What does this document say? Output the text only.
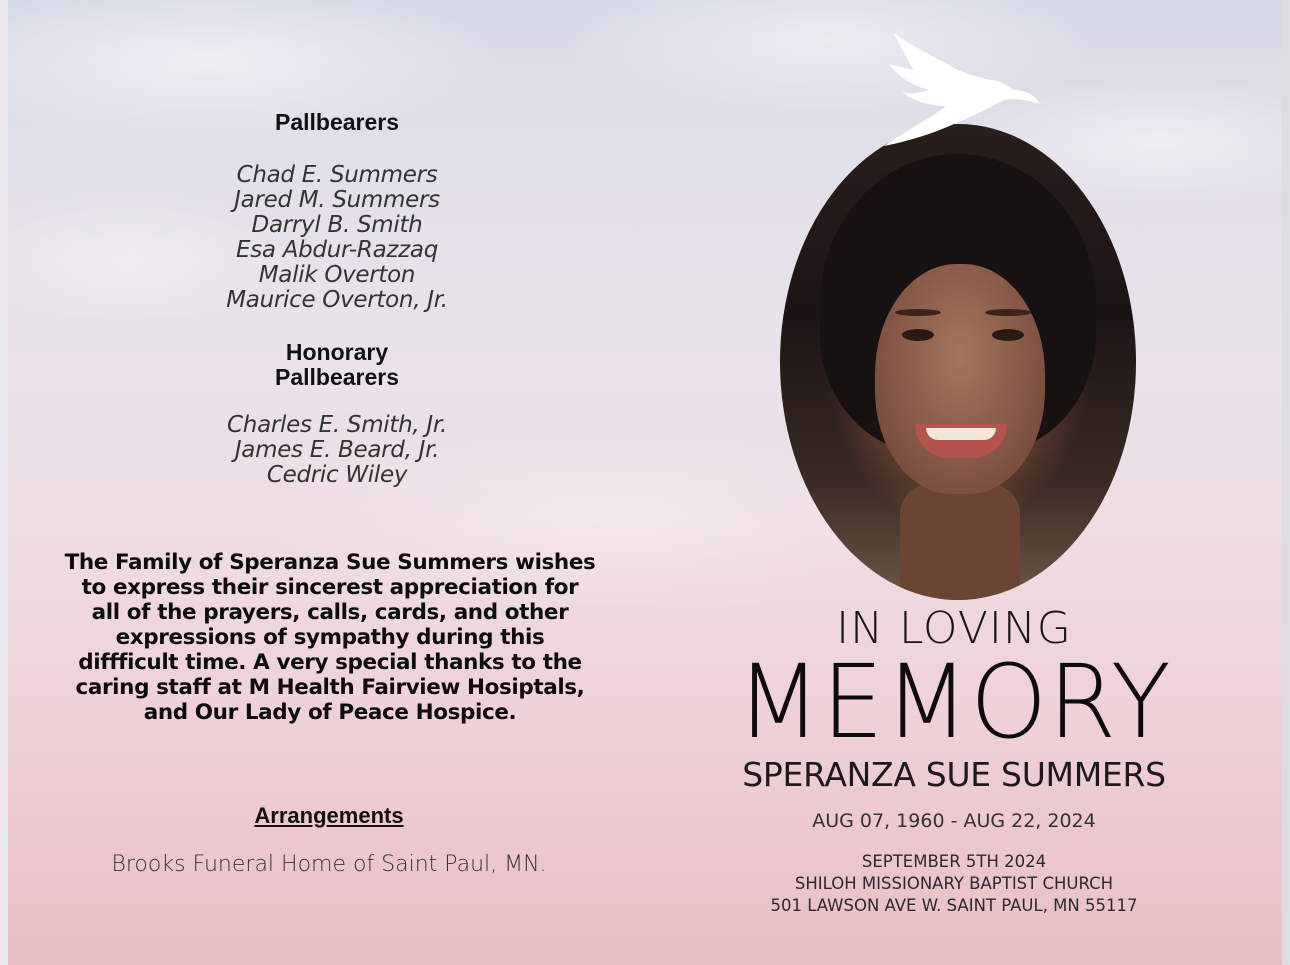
Pallbearers
Chad E. Summers
Jared M. Summers
Darryl B. Smith
Esa Abdur-Razzaq
Malik Overton
Maurice Overton, Jr.
Honorary
Pallbearers
Charles E. Smith, Jr.
James E. Beard, Jr.
Cedric Wiley
The Family of Speranza Sue Summers wishes
to express their sincerest appreciation for
all of the prayers, calls, cards, and other
expressions of sympathy during this
diffficult time. A very special thanks to the
caring staff at M Health Fairview Hosiptals,
and Our Lady of Peace Hospice.
Arrangements
Brooks Funeral Home of Saint Paul, MN.
IN LOVING
MEMORY
SPERANZA SUE SUMMERS
AUG 07, 1960 - AUG 22, 2024
SEPTEMBER 5TH 2024
SHILOH MISSIONARY BAPTIST CHURCH
501 LAWSON AVE W. SAINT PAUL, MN 55117
